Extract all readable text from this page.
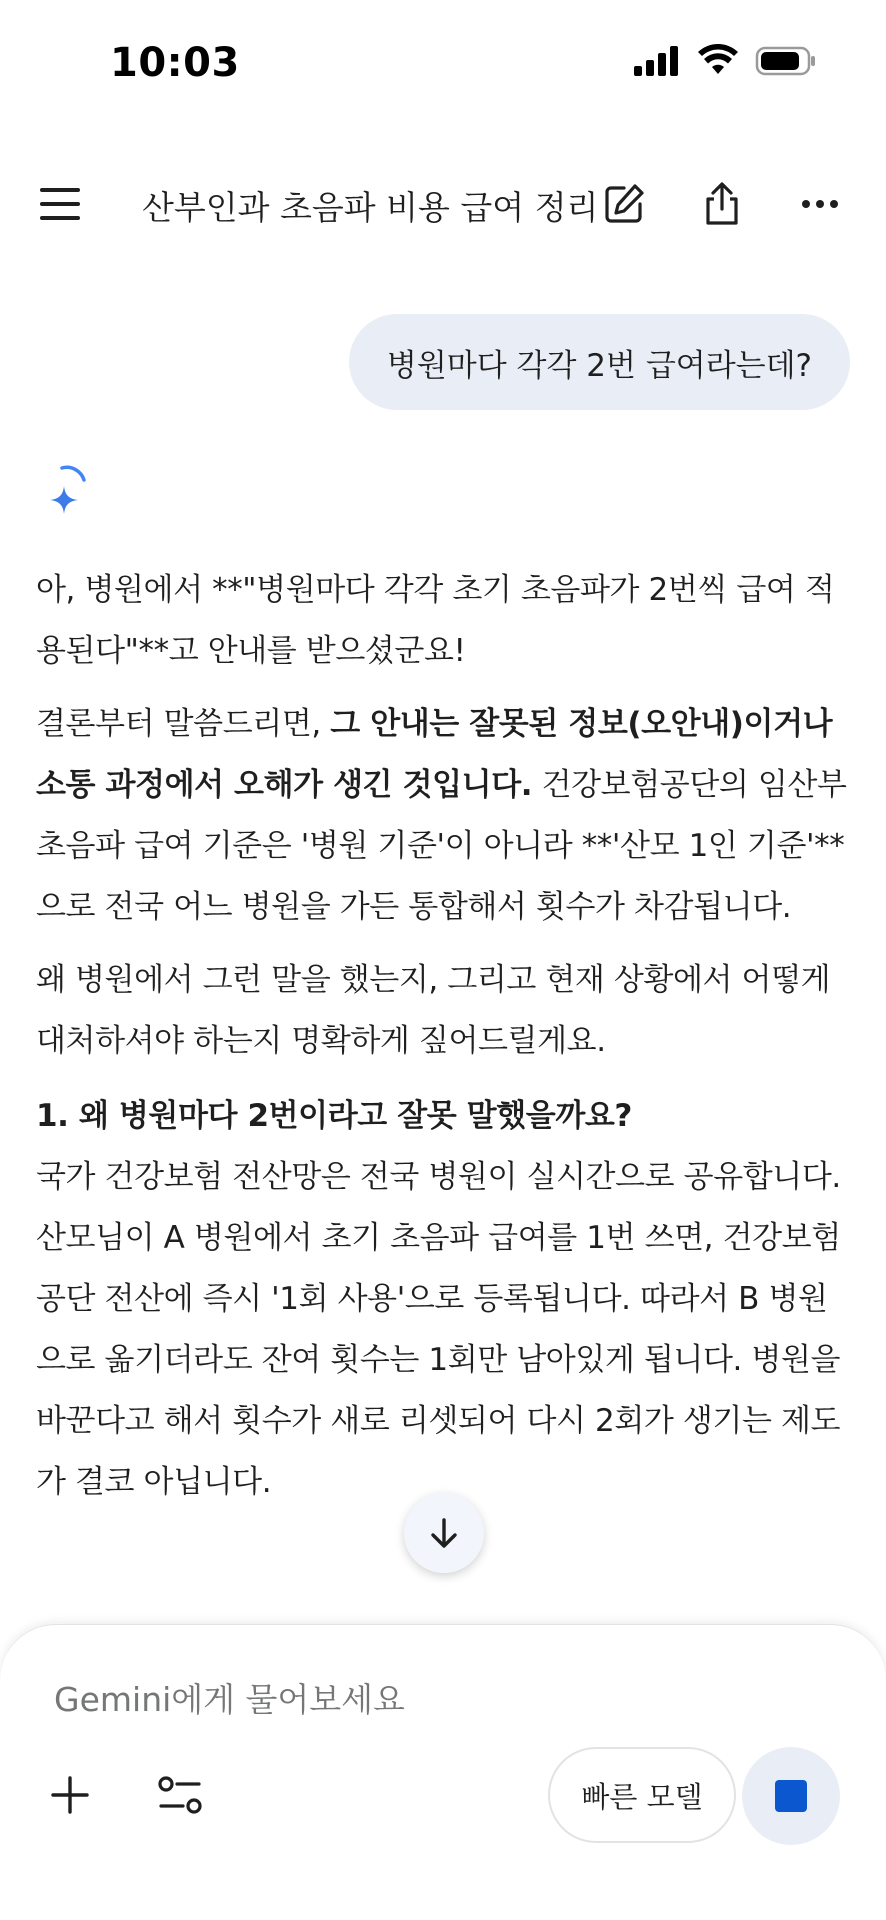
10:03
산부인과 초음파 비용 급여 정리
병원마다 각각 2번 급여라는데?

아, 병원에서 **"병원마다 각각 초기 초음파가 2번씩 급여 적용된다"**고 안내를 받으셨군요!

결론부터 말씀드리면, 그 안내는 잘못된 정보(오안내)이거나 소통 과정에서 오해가 생긴 것입니다. 건강보험공단의 임산부 초음파 급여 기준은 '병원 기준'이 아니라 **'산모 1인 기준'**으로 전국 어느 병원을 가든 통합해서 횟수가 차감됩니다.

왜 병원에서 그런 말을 했는지, 그리고 현재 상황에서 어떻게 대처하셔야 하는지 명확하게 짚어드릴게요.

1. 왜 병원마다 2번이라고 잘못 말했을까요?

국가 건강보험 전산망은 전국 병원이 실시간으로 공유합니다. 산모님이 A 병원에서 초기 초음파 급여를 1번 쓰면, 건강보험공단 전산에 즉시 '1회 사용'으로 등록됩니다. 따라서 B 병원으로 옮기더라도 잔여 횟수는 1회만 남아있게 됩니다. 병원을 바꾼다고 해서 횟수가 새로 리셋되어 다시 2회가 생기는 제도가 결코 아닙니다.

Gemini에게 물어보세요
빠른 모델
